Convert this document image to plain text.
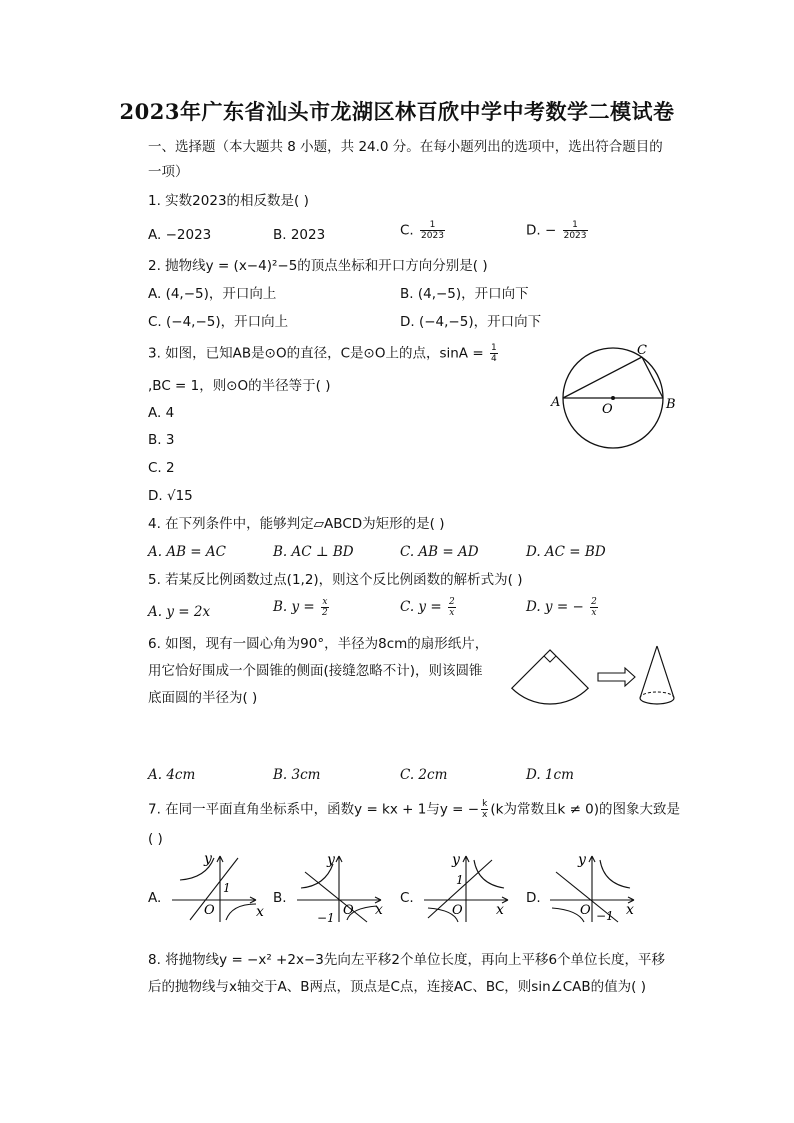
2023年广东省汕头市龙湖区林百欣中学中考数学二模试卷
一、选择题（本大题共 8 小题，共 24.0 分。在每小题列出的选项中，选出符合题目的
一项）
1. 实数2023的相反数是( )
A. −2023	B. 2023	C. $\frac{1}{2023}$	D. − $\frac{1}{2023}$
2. 抛物线y = (x−4)²−5的顶点坐标和开口方向分别是( )
A. (4,−5)，开口向上	B. (4,−5)，开口向下
C. (−4,−5)，开口向上	D. (−4,−5)，开口向下
3. 如图，已知AB是⊙O的直径，C是⊙O上的点，$\sin A = \frac{1}{4}$
,BC = 1，则⊙O的半径等于( )
A. 4
B. 3
C. 2
D. √15
A	B
C
O
4. 在下列条件中，能够判定▱ABCD为矩形的是( )
A. AB = AC	B. AC ⊥ BD	C. AB = AD	D. AC = BD
5. 若某反比例函数过点(1,2)，则这个反比例函数的解析式为( )
A. y = 2x	B. $y = \frac{x}{2}$	C. $y = \frac{2}{x}$	D. y = − $\frac{2}{x}$
6. 如图，现有一圆心角为90°，半径为8cm的扇形纸片，
用它恰好围成一个圆锥的侧面(接缝忽略不计)，则该圆锥
底面圆的半径为( )
A. 4cm	B. 3cm	C. 2cm	D. 1cm
7. 在同一平面直角坐标系中，函数y = kx + 1与y = − $\frac{k}{x} (k$为常数且k ≠ 0)的图象大致是
( )
A.
y
x
O
1
B.
y
x
O
−1
C.
y
x
O
1
D.
y
x
O −1
8. 将抛物线y = −x² +2x−3先向左平移2个单位长度，再向上平移6个单位长度，平移
后的抛物线与x轴交于A、B两点，顶点是C点，连接AC、BC，则sin∠CAB的值为( )
